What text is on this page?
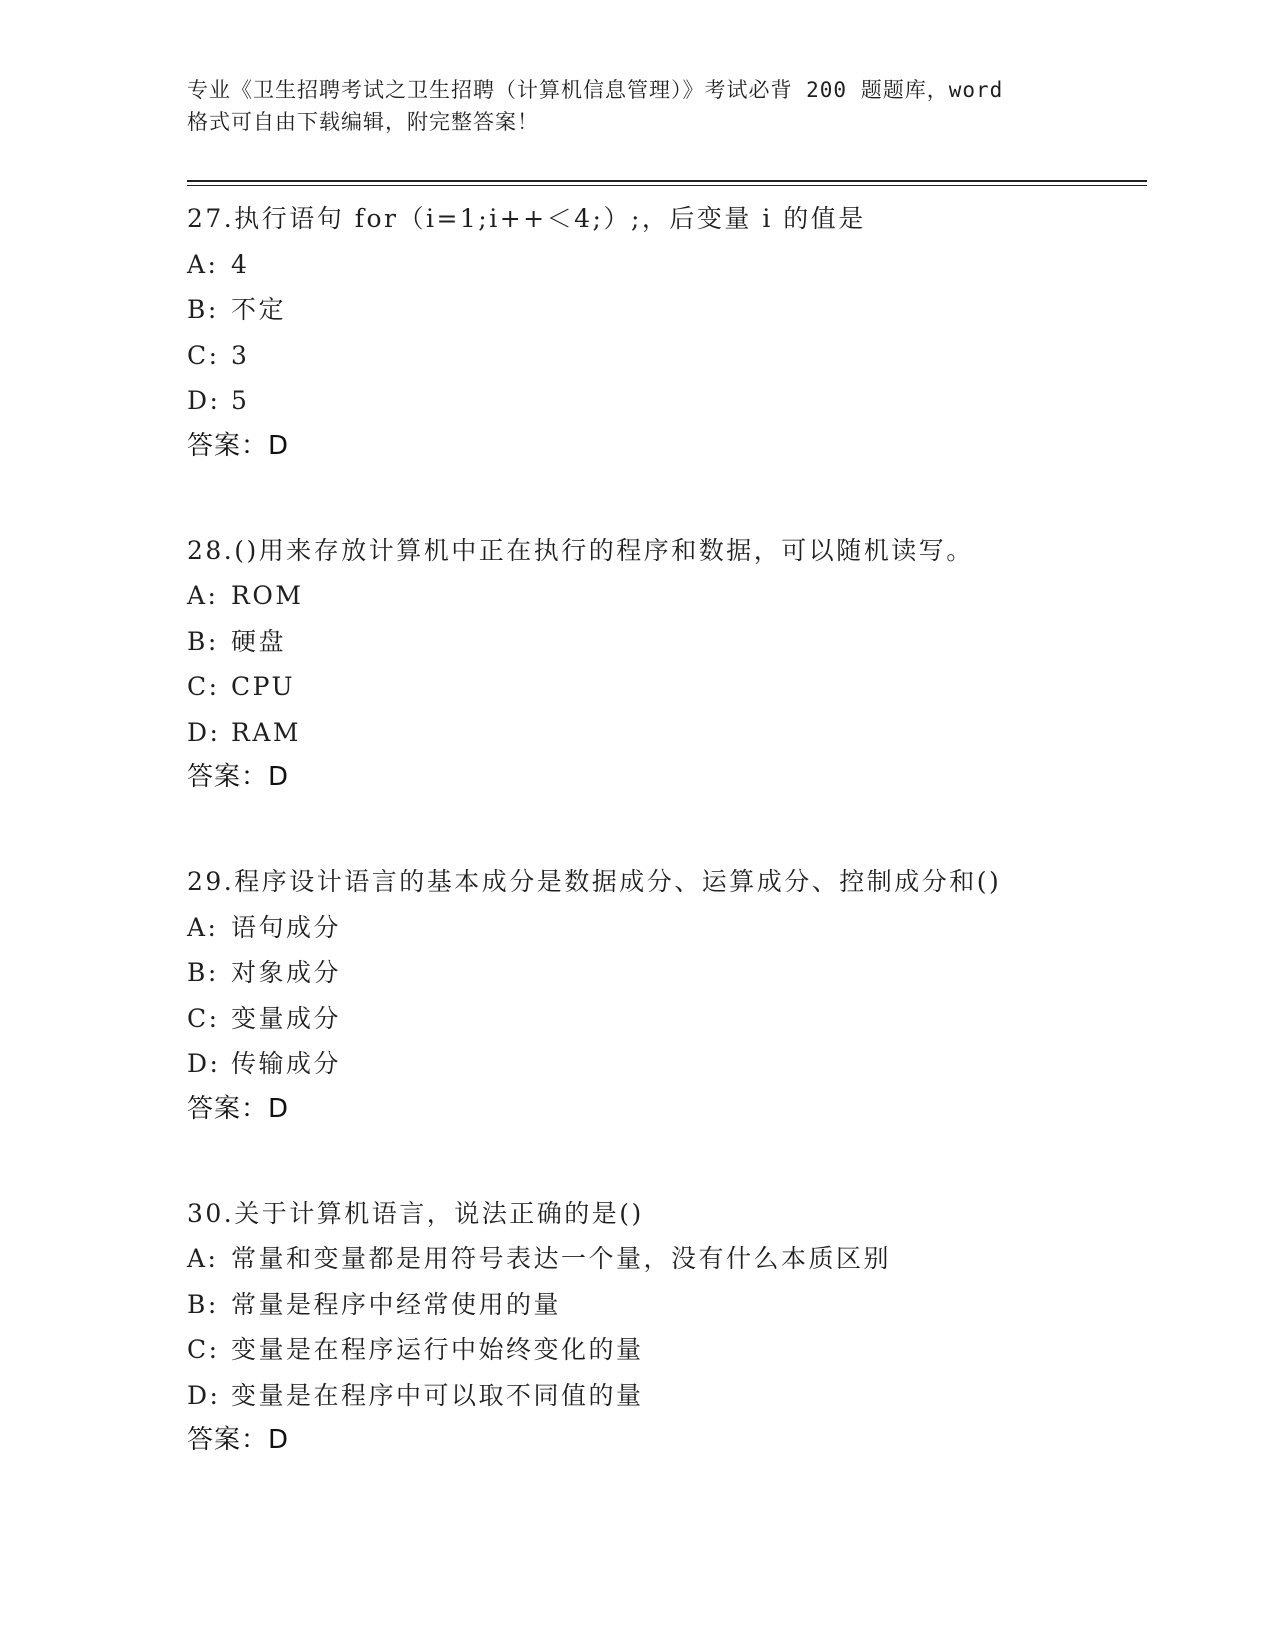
专业《卫生招聘考试之卫生招聘（计算机信息管理）》考试必背 200 题题库，word
格式可自由下载编辑，附完整答案！
27.执行语句 for（i=1;i++＜4;）;，后变量 i 的值是
A: 4
B: 不定
C: 3
D: 5
答案：D
28.()用来存放计算机中正在执行的程序和数据，可以随机读写。
A: ROM
B: 硬盘
C: CPU
D: RAM
答案：D
29.程序设计语言的基本成分是数据成分、运算成分、控制成分和()
A: 语句成分
B: 对象成分
C: 变量成分
D: 传输成分
答案：D
30.关于计算机语言，说法正确的是()
A: 常量和变量都是用符号表达一个量，没有什么本质区别
B: 常量是程序中经常使用的量
C: 变量是在程序运行中始终变化的量
D: 变量是在程序中可以取不同值的量
答案：D
